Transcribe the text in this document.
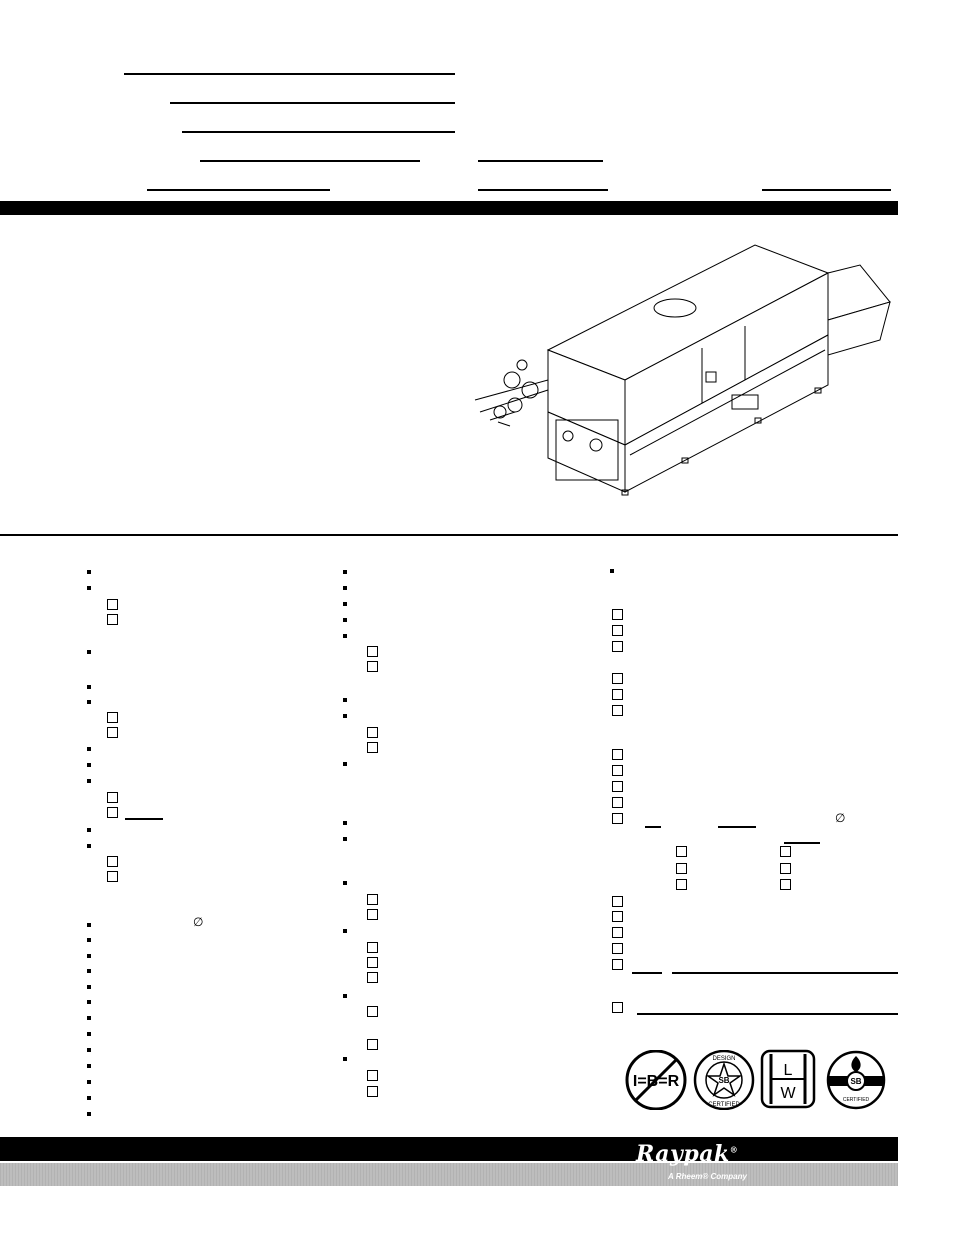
∅
∅
I=B=R
DESIGN
SB
CERTIFIED
L
W
SB
CERTIFIED
Raypak®
A Rheem® Company
